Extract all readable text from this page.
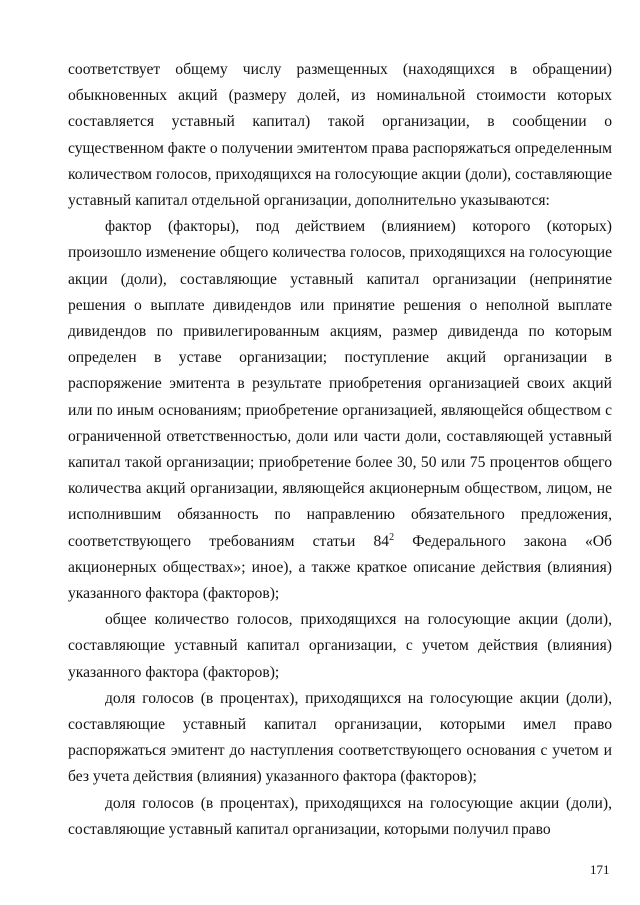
соответствует общему числу размещенных (находящихся в обращении) обыкновенных акций (размеру долей, из номинальной стоимости которых составляется уставный капитал) такой организации, в сообщении о существенном факте о получении эмитентом права распоряжаться определенным количеством голосов, приходящихся на голосующие акции (доли), составляющие уставный капитал отдельной организации, дополнительно указываются:

фактор (факторы), под действием (влиянием) которого (которых) произошло изменение общего количества голосов, приходящихся на голосующие акции (доли), составляющие уставный капитал организации (непринятие решения о выплате дивидендов или принятие решения о неполной выплате дивидендов по привилегированным акциям, размер дивиденда по которым определен в уставе организации; поступление акций организации в распоряжение эмитента в результате приобретения организацией своих акций или по иным основаниям; приобретение организацией, являющейся обществом с ограниченной ответственностью, доли или части доли, составляющей уставный капитал такой организации; приобретение более 30, 50 или 75 процентов общего количества акций организации, являющейся акционерным обществом, лицом, не исполнившим обязанность по направлению обязательного предложения, соответствующего требованиям статьи $84^2$ Федерального закона «Об акционерных обществах»; иное), а также краткое описание действия (влияния) указанного фактора (факторов);

общее количество голосов, приходящихся на голосующие акции (доли), составляющие уставный капитал организации, с учетом действия (влияния) указанного фактора (факторов);

доля голосов (в процентах), приходящихся на голосующие акции (доли), составляющие уставный капитал организации, которыми имел право распоряжаться эмитент до наступления соответствующего основания с учетом и без учета действия (влияния) указанного фактора (факторов);

доля голосов (в процентах), приходящихся на голосующие акции (доли), составляющие уставный капитал организации, которыми получил право

171
